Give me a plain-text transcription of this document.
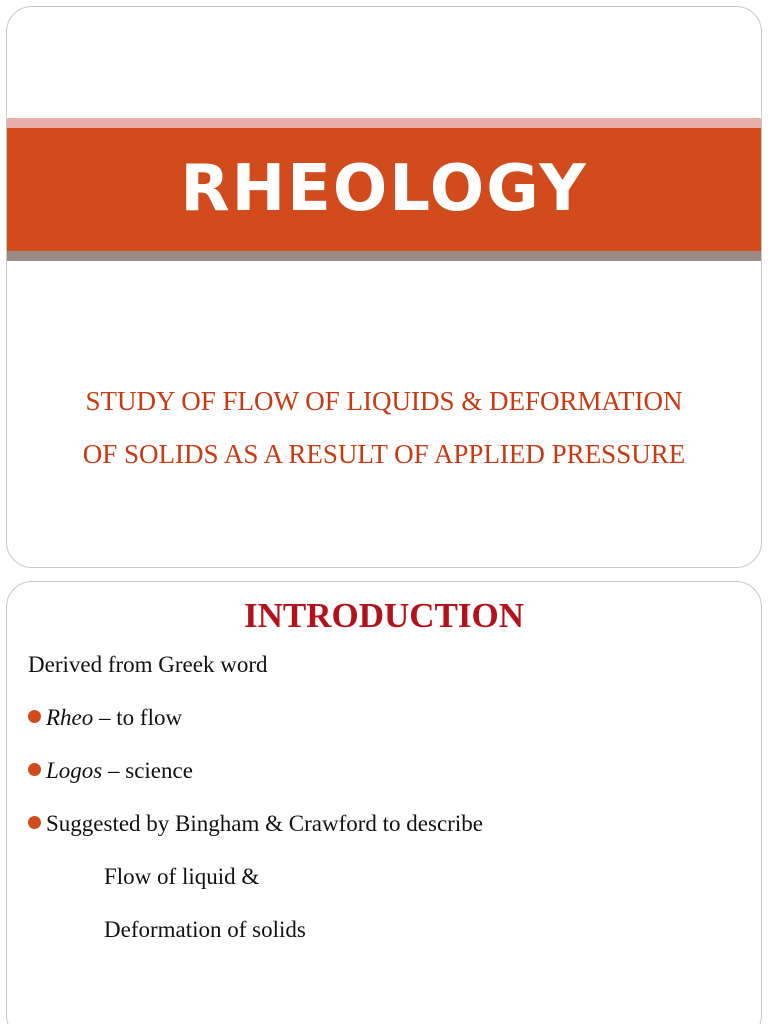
RHEOLOGY
STUDY OF FLOW OF LIQUIDS & DEFORMATION
OF SOLIDS AS A RESULT OF APPLIED PRESSURE
INTRODUCTION
Derived from Greek word
Rheo – to flow
Logos – science
Suggested by Bingham & Crawford to describe
Flow of liquid &
Deformation of solids
